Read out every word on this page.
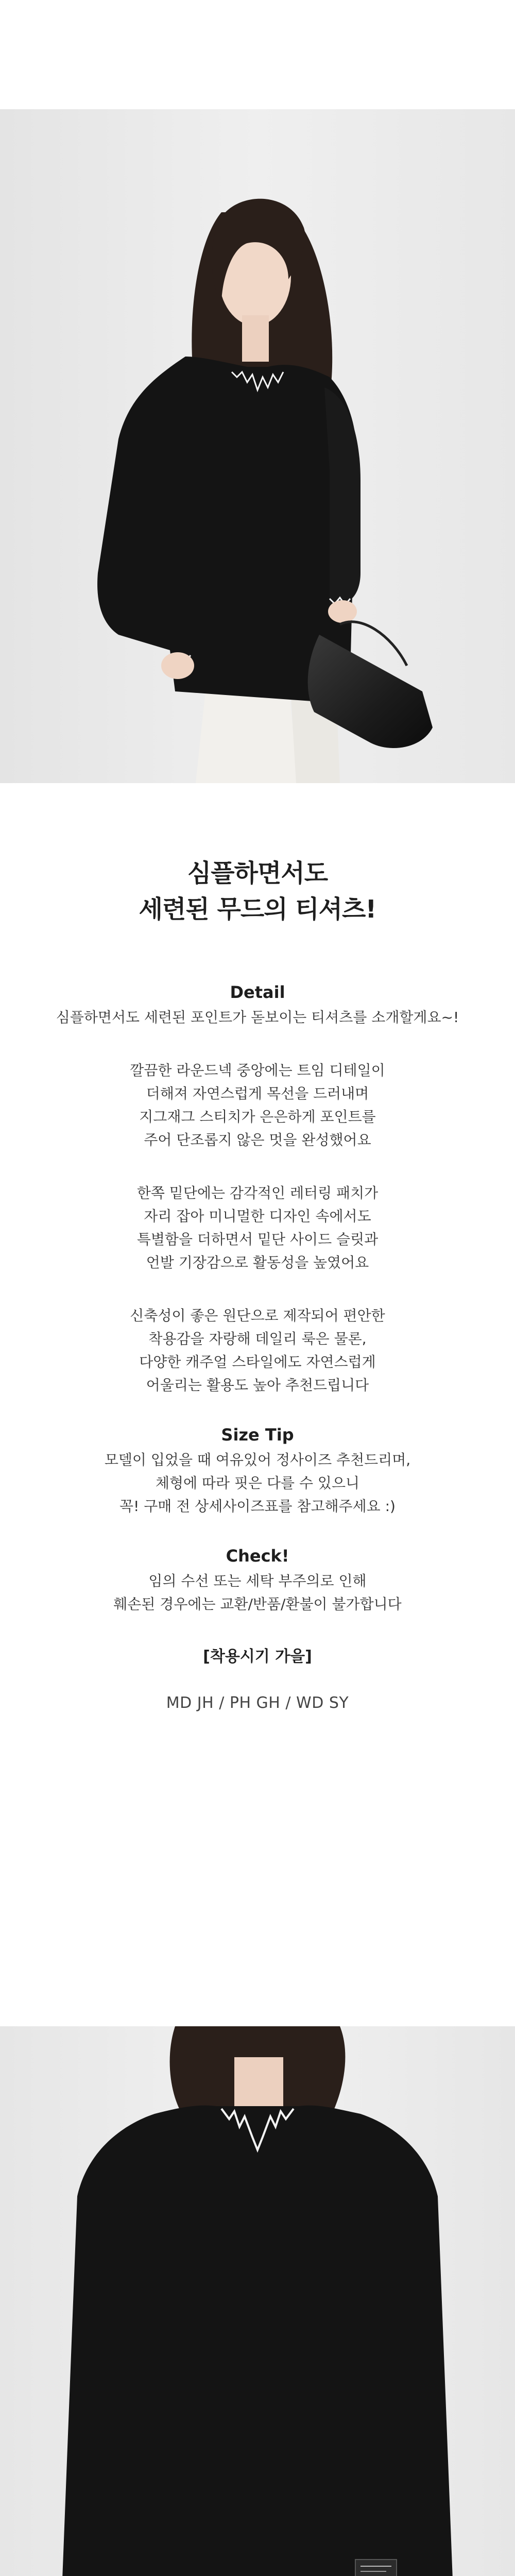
심플하면서도
세련된 무드의 티셔츠!
Detail
심플하면서도 세련된 포인트가 돋보이는 티셔츠를 소개할게요~!
깔끔한 라운드넥 중앙에는 트임 디테일이
더해져 자연스럽게 목선을 드러내며
지그재그 스티치가 은은하게 포인트를
주어 단조롭지 않은 멋을 완성했어요
한쪽 밑단에는 감각적인 레터링 패치가
자리 잡아 미니멀한 디자인 속에서도
특별함을 더하면서 밑단 사이드 슬릿과
언발 기장감으로 활동성을 높였어요
신축성이 좋은 원단으로 제작되어 편안한
착용감을 자랑해 데일리 룩은 물론,
다양한 캐주얼 스타일에도 자연스럽게
어울리는 활용도 높아 추천드립니다
Size Tip
모델이 입었을 때 여유있어 정사이즈 추천드리며,
체형에 따라 핏은 다를 수 있으니
꼭! 구매 전 상세사이즈표를 참고해주세요 :)
Check!
임의 수선 또는 세탁 부주의로 인해
훼손된 경우에는 교환/반품/환불이 불가합니다
[착용시기 가을]
MD JH / PH GH / WD SY
